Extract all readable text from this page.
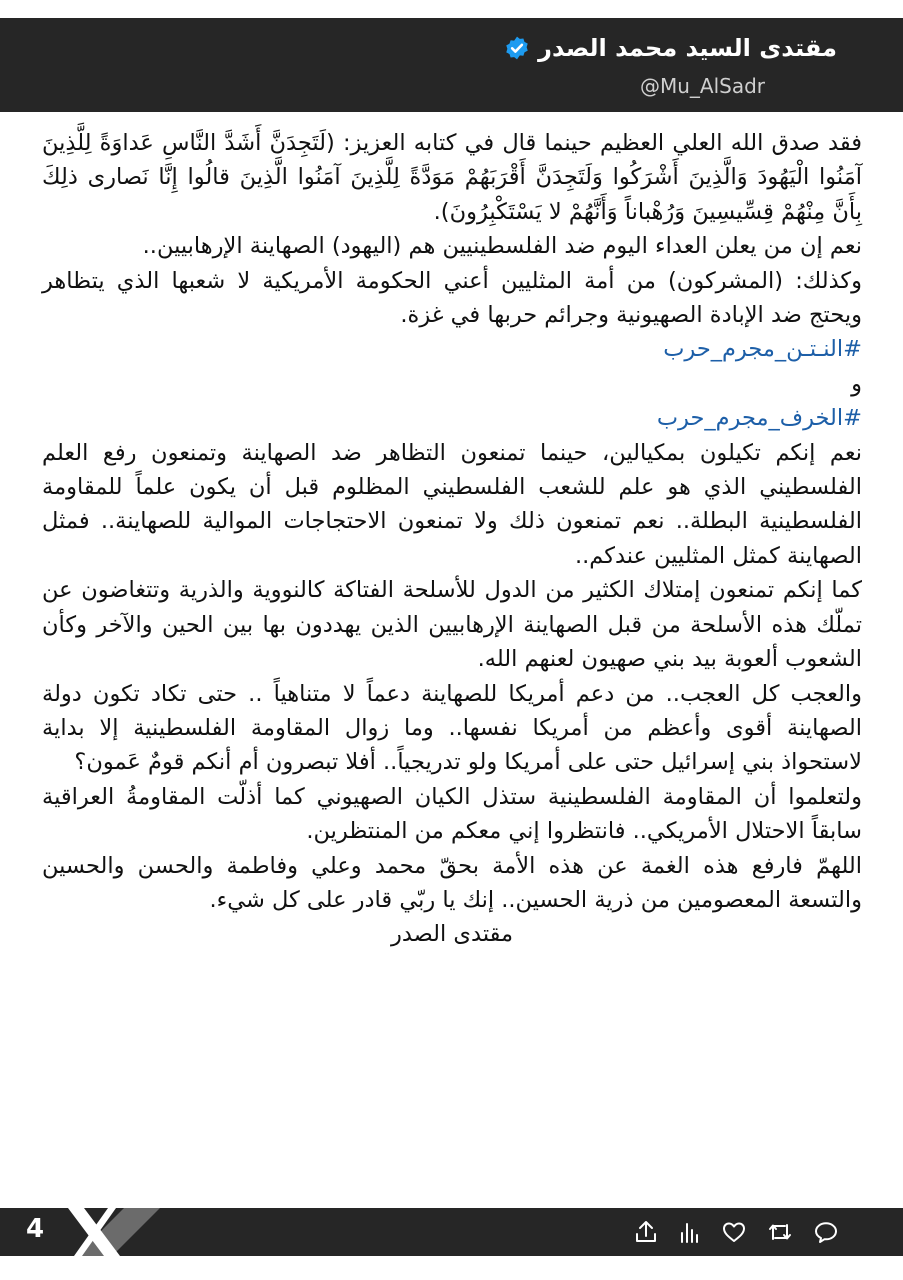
مقتدى السيد محمد الصدر
@Mu_AlSadr

فقد صدق الله العلي العظيم حينما قال في كتابه العزيز: (لَتَجِدَنَّ أَشَدَّ النَّاسِ عَداوَةً لِلَّذِينَ آمَنُوا الْيَهُودَ وَالَّذِينَ أَشْرَكُوا وَلَتَجِدَنَّ أَقْرَبَهُمْ مَوَدَّةً لِلَّذِينَ آمَنُوا الَّذِينَ قالُوا إِنَّا نَصارى ذلِكَ بِأَنَّ مِنْهُمْ قِسِّيسِينَ وَرُهْباناً وَأَنَّهُمْ لا يَسْتَكْبِرُونَ).

نعم إن من يعلن العداء اليوم ضد الفلسطينيين هم (اليهود) الصهاينة الإرهابيين..

وكذلك: (المشركون) من أمة المثليين أعني الحكومة الأمريكية لا شعبها الذي يتظاهر ويحتج ضد الإبادة الصهيونية وجرائم حربها في غزة.

#النـتـن_مجرم_حرب

و

#الخرف_مجرم_حرب

نعم إنكم تكيلون بمكيالين، حينما تمنعون التظاهر ضد الصهاينة وتمنعون رفع العلم الفلسطيني الذي هو علم للشعب الفلسطيني المظلوم قبل أن يكون علماً للمقاومة الفلسطينية البطلة.. نعم تمنعون ذلك ولا تمنعون الاحتجاجات الموالية للصهاينة.. فمثل الصهاينة كمثل المثليين عندكم..

كما إنكم تمنعون إمتلاك الكثير من الدول للأسلحة الفتاكة كالنووية والذرية وتتغاضون عن تملّك هذه الأسلحة من قبل الصهاينة الإرهابيين الذين يهددون بها بين الحين والآخر وكأن الشعوب ألعوبة بيد بني صهيون لعنهم الله.

والعجب كل العجب.. من دعم أمريكا للصهاينة دعماً لا متناهياً .. حتى تكاد تكون دولة الصهاينة أقوى وأعظم من أمريكا نفسها.. وما زوال المقاومة الفلسطينية إلا بداية لاستحواذ بني إسرائيل حتى على أمريكا ولو تدريجياً.. أفلا تبصرون أم أنكم قومٌ عَمون؟

ولتعلموا أن المقاومة الفلسطينية ستذل الكيان الصهيوني كما أذلّت المقاومةُ العراقية سابقاً الاحتلال الأمريكي.. فانتظروا إني معكم من المنتظرين.

اللهمّ فارفع هذه الغمة عن هذه الأمة بحقّ محمد وعلي وفاطمة والحسن والحسين والتسعة المعصومين من ذرية الحسين.. إنك يا ربّي قادر على كل شيء.

مقتدى الصدر

4
